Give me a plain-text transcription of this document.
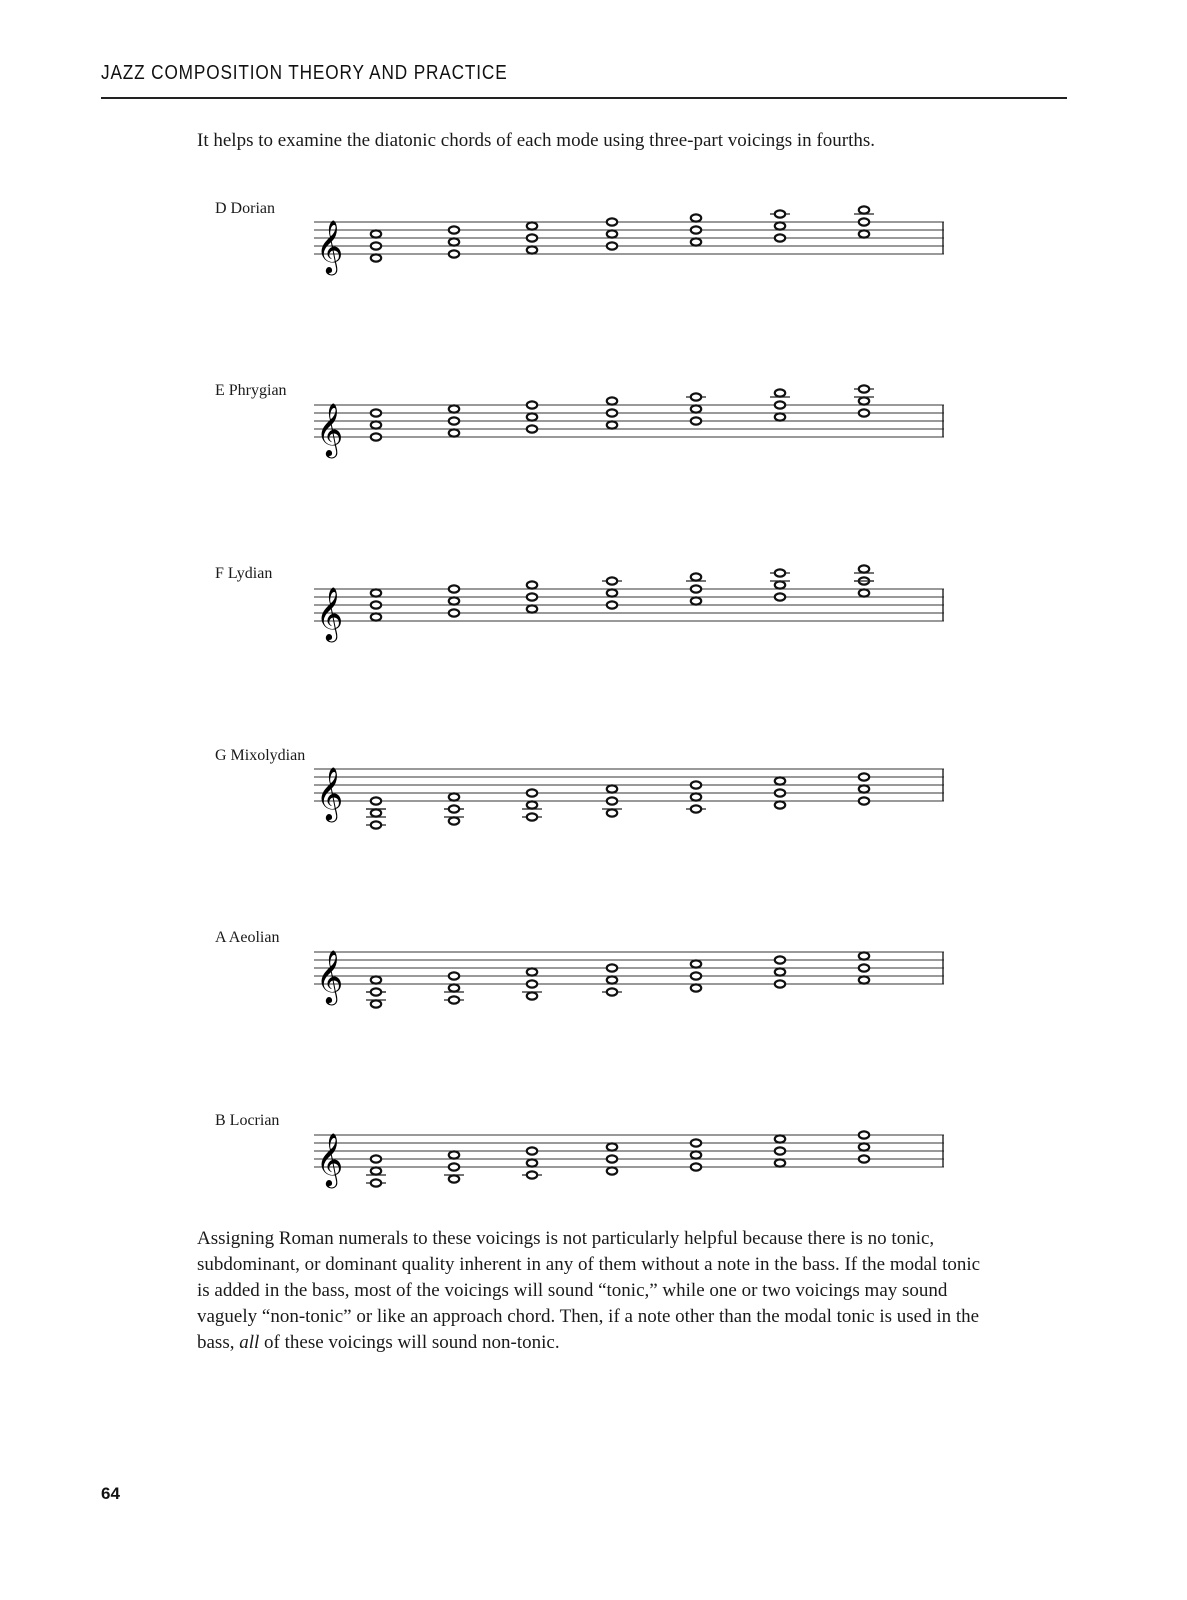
JAZZ COMPOSITION THEORY AND PRACTICE
It helps to examine the diatonic chords of each mode using three-part voicings in fourths.
D Dorian
𝄞
E Phrygian
𝄞
F Lydian
𝄞
G Mixolydian
𝄞
A Aeolian
𝄞
B Locrian
𝄞
Assigning Roman numerals to these voicings is not particularly helpful because there is no tonic, subdominant, or dominant quality inherent in any of them without a note in the bass. If the modal tonic is added in the bass, most of the voicings will sound “tonic,” while one or two voicings may sound vaguely “non-tonic” or like an approach chord. Then, if a note other than the modal tonic is used in the bass, all of these voicings will sound non-tonic.
64
